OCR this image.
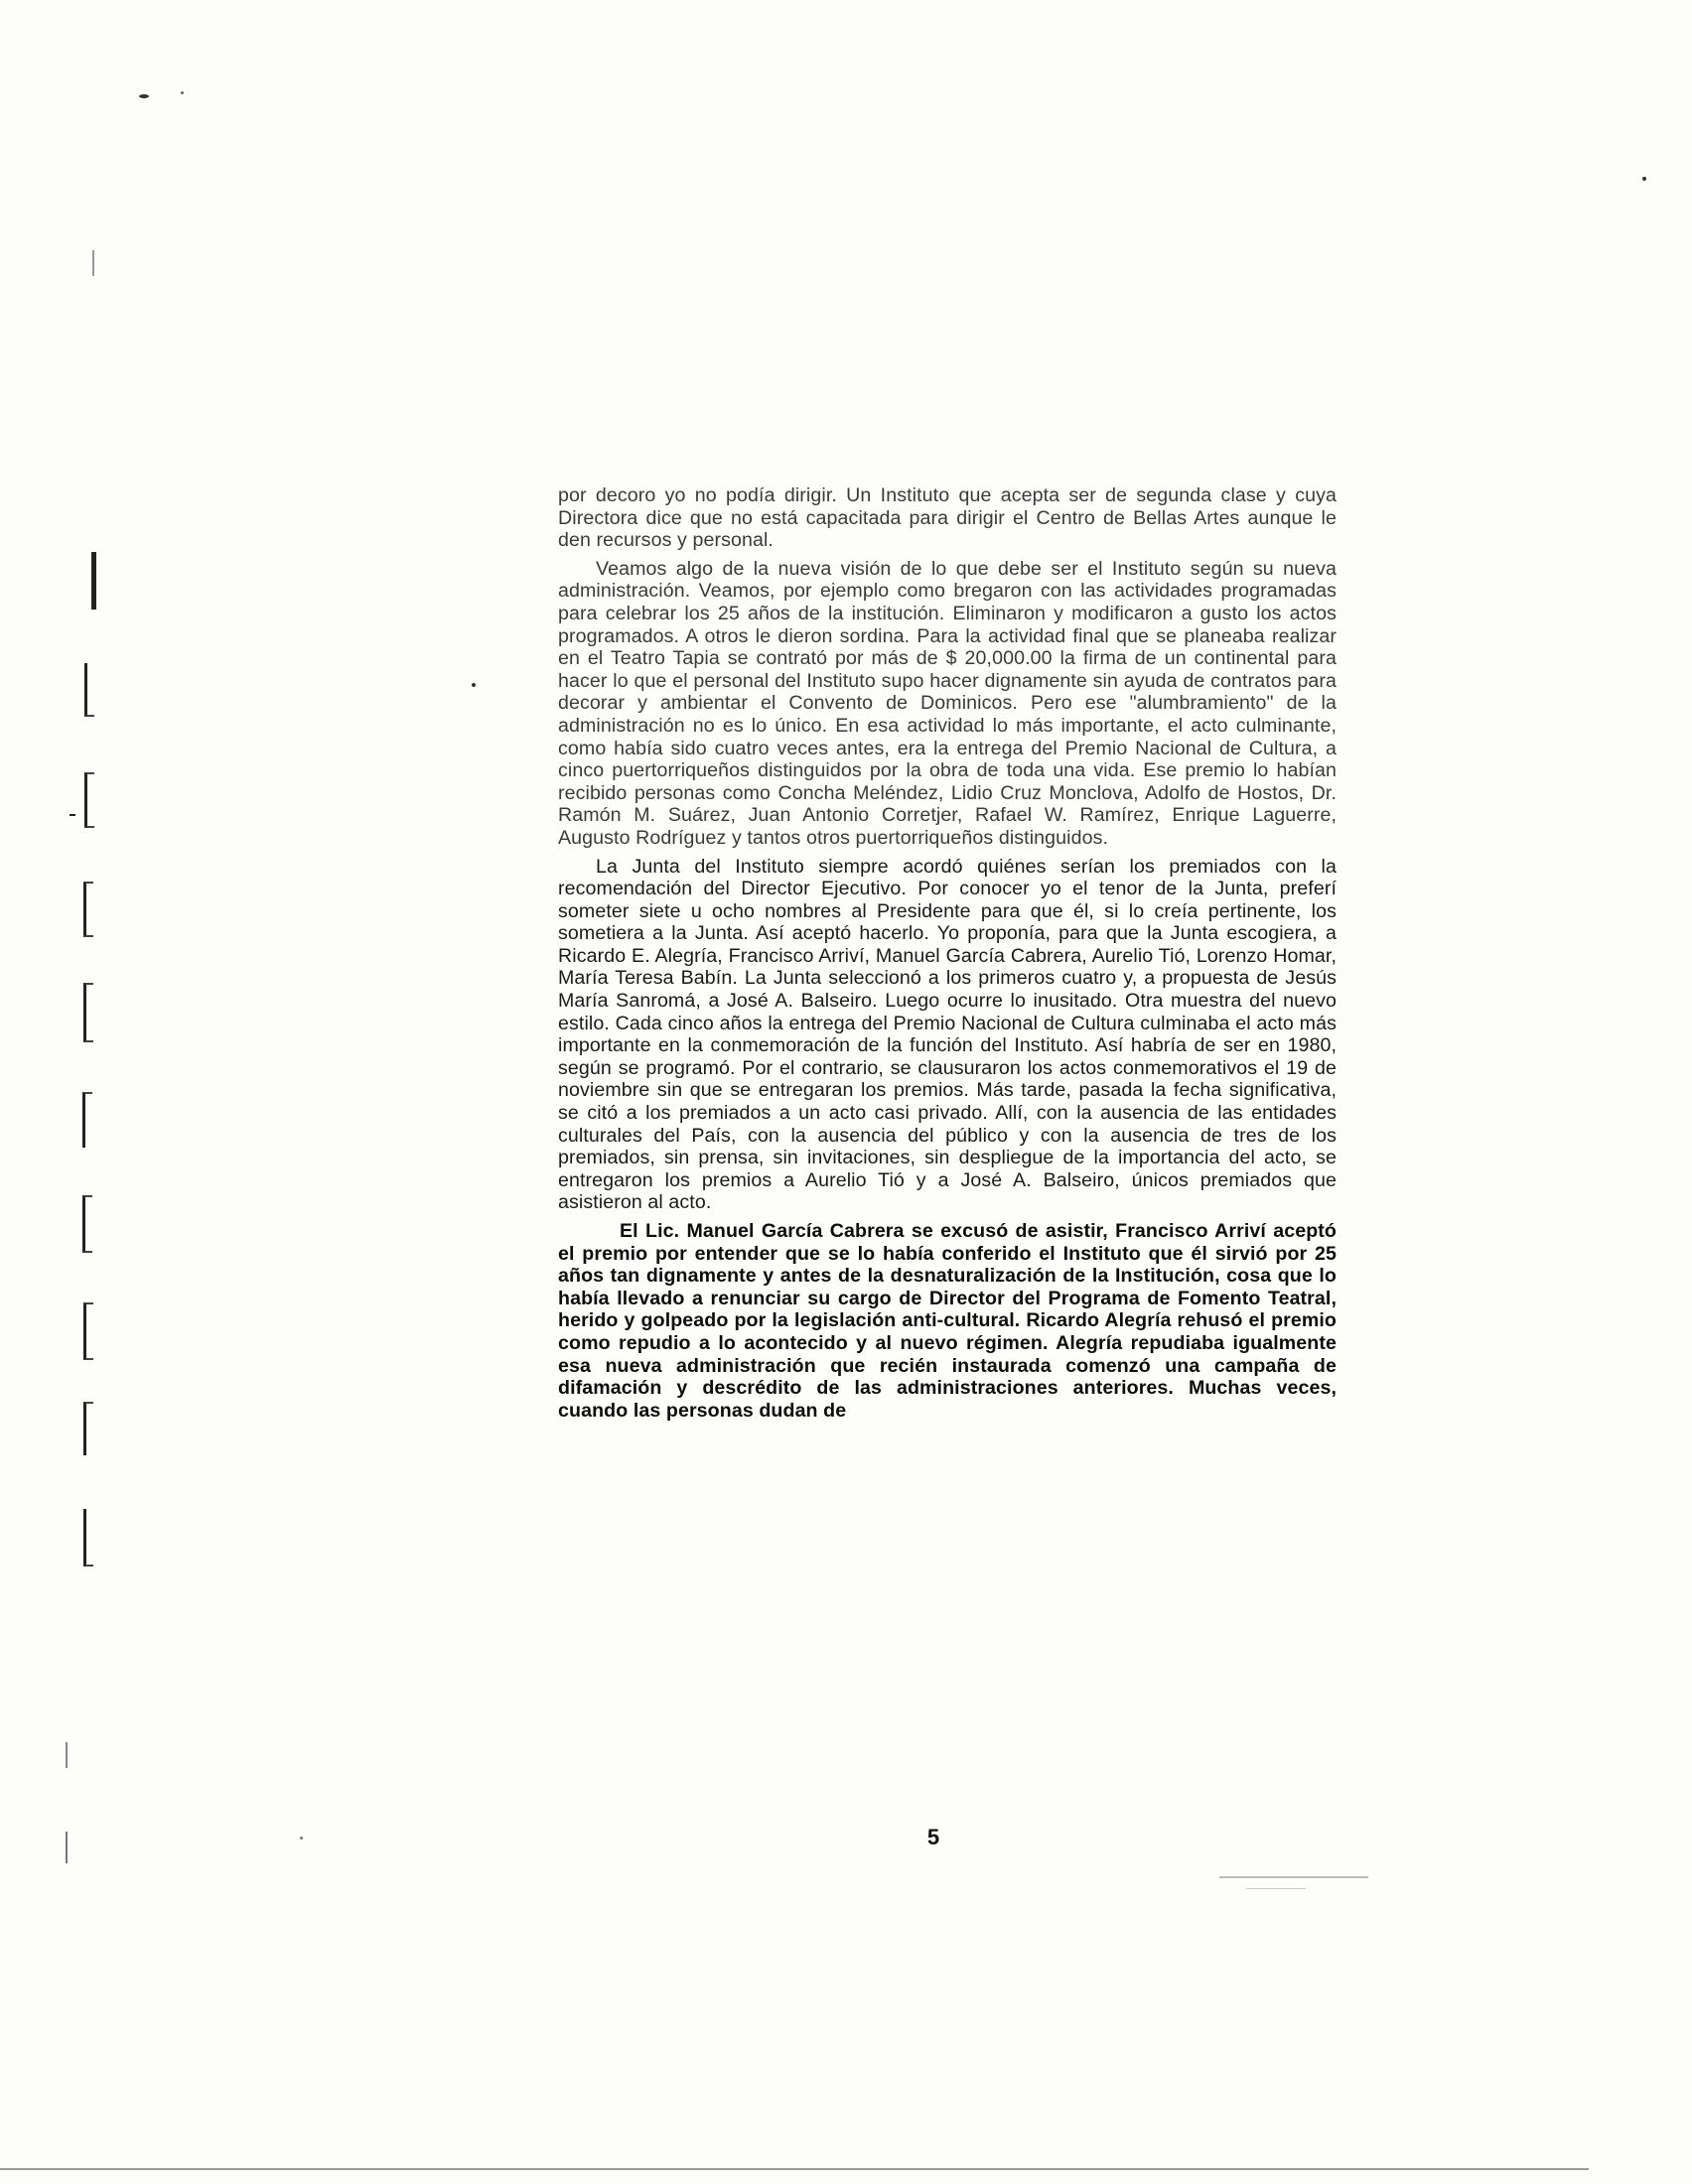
por decoro yo no podía dirigir. Un Instituto que acepta ser de segunda clase y cuya Directora dice que no está capacitada para dirigir el Centro de Bellas Artes aunque le den recursos y personal.

Veamos algo de la nueva visión de lo que debe ser el Instituto según su nueva administración. Veamos, por ejemplo como bregaron con las actividades programadas para celebrar los 25 años de la institución. Eliminaron y modificaron a gusto los actos programados. A otros le dieron sordina. Para la actividad final que se planeaba realizar en el Teatro Tapia se contrató por más de $ 20,000.00 la firma de un continental para hacer lo que el personal del Instituto supo hacer dignamente sin ayuda de contratos para decorar y ambientar el Convento de Dominicos. Pero ese "alumbramiento" de la administración no es lo único. En esa actividad lo más importante, el acto culminante, como había sido cuatro veces antes, era la entrega del Premio Nacional de Cultura, a cinco puertorriqueños distinguidos por la obra de toda una vida. Ese premio lo habían recibido personas como Concha Meléndez, Lidio Cruz Monclova, Adolfo de Hostos, Dr. Ramón M. Suárez, Juan Antonio Corretjer, Rafael W. Ramírez, Enrique Laguerre, Augusto Rodríguez y tantos otros puertorriqueños distinguidos.

La Junta del Instituto siempre acordó quiénes serían los premiados con la recomendación del Director Ejecutivo. Por conocer yo el tenor de la Junta, preferí someter siete u ocho nombres al Presidente para que él, si lo creía pertinente, los sometiera a la Junta. Así aceptó hacerlo. Yo proponía, para que la Junta escogiera, a Ricardo E. Alegría, Francisco Arriví, Manuel García Cabrera, Aurelio Tió, Lorenzo Homar, María Teresa Babín. La Junta seleccionó a los primeros cuatro y, a propuesta de Jesús María Sanromá, a José A. Balseiro. Luego ocurre lo inusitado. Otra muestra del nuevo estilo. Cada cinco años la entrega del Premio Nacional de Cultura culminaba el acto más importante en la conmemoración de la función del Instituto. Así habría de ser en 1980, según se programó. Por el contrario, se clausuraron los actos conmemorativos el 19 de noviembre sin que se entregaran los premios. Más tarde, pasada la fecha significativa, se citó a los premiados a un acto casi privado. Allí, con la ausencia de las entidades culturales del País, con la ausencia del público y con la ausencia de tres de los premiados, sin prensa, sin invitaciones, sin despliegue de la importancia del acto, se entregaron los premios a Aurelio Tió y a José A. Balseiro, únicos premiados que asistieron al acto.

El Lic. Manuel García Cabrera se excusó de asistir, Francisco Arriví aceptó el premio por entender que se lo había conferido el Instituto que él sirvió por 25 años tan dignamente y antes de la desnaturalización de la Institución, cosa que lo había llevado a renunciar su cargo de Director del Programa de Fomento Teatral, herido y golpeado por la legislación anti-cultural. Ricardo Alegría rehusó el premio como repudio a lo acontecido y al nuevo régimen. Alegría repudiaba igualmente esa nueva administración que recién instaurada comenzó una campaña de difamación y descrédito de las administraciones anteriores. Muchas veces, cuando las personas dudan de

5
